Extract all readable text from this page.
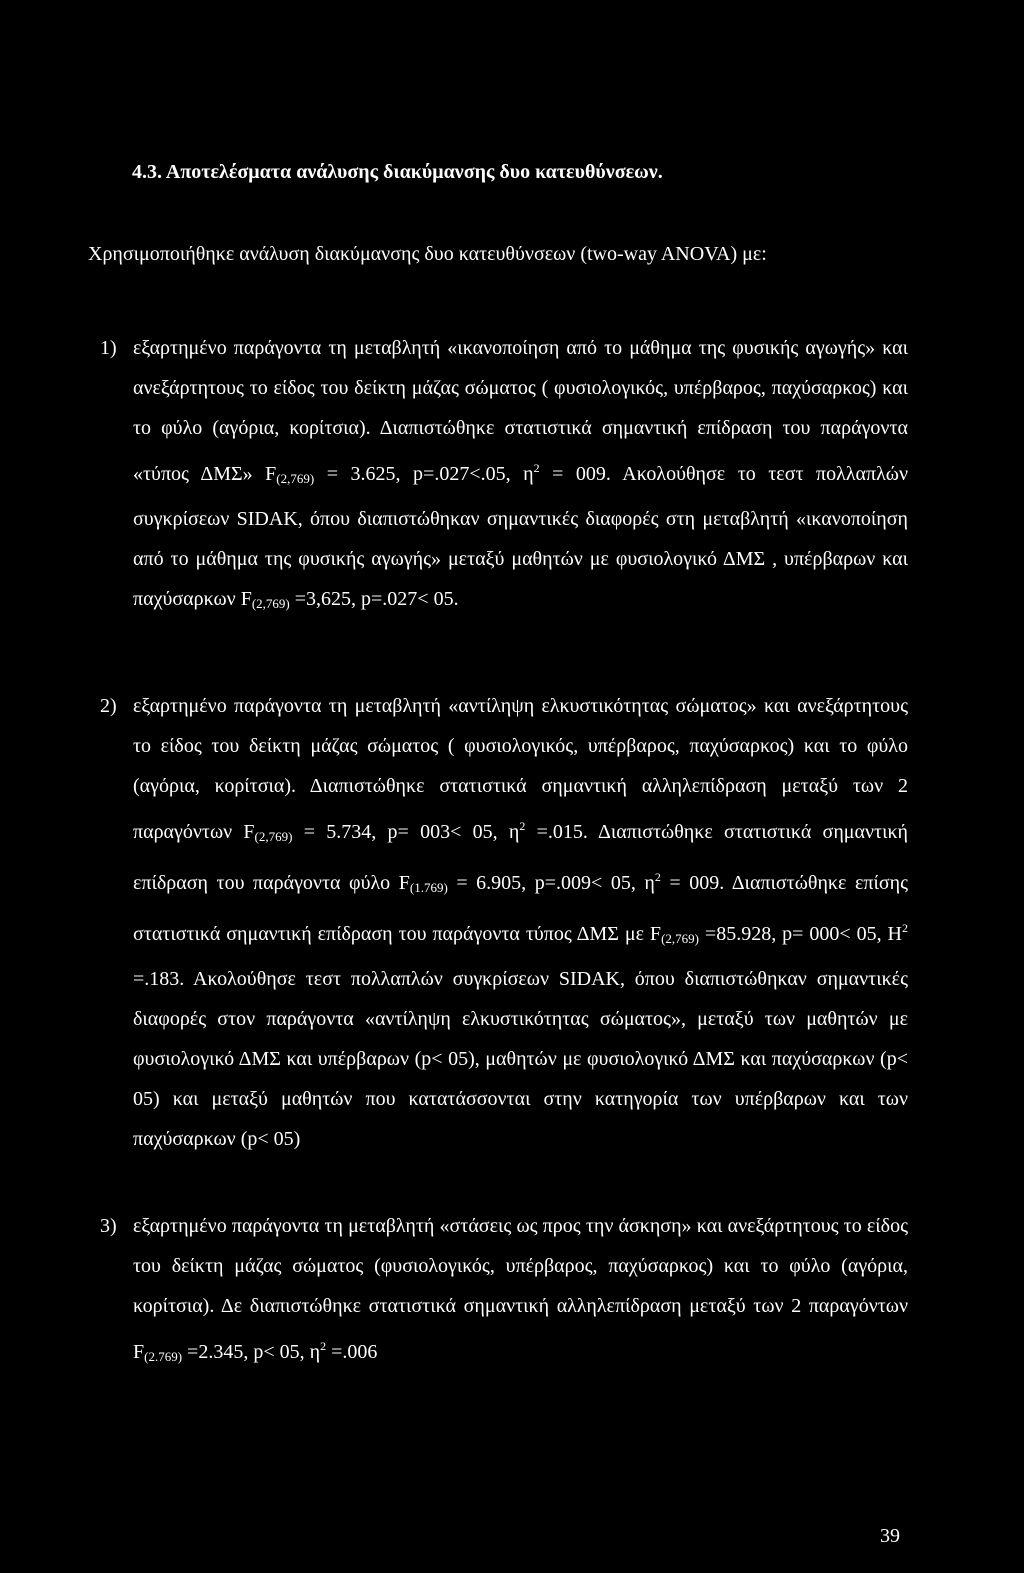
4.3. Αποτελέσματα ανάλυσης διακύμανσης δυο κατευθύνσεων.

Χρησιμοποιήθηκε ανάλυση διακύμανσης δυο κατευθύνσεων (two-way ANOVA) με:

1) εξαρτημένο παράγοντα τη μεταβλητή «ικανοποίηση από το μάθημα της φυσικής αγωγής» και ανεξάρτητους το είδος του δείκτη μάζας σώματος ( φυσιολογικός, υπέρβαρος, παχύσαρκος) και το φύλο (αγόρια, κορίτσια). Διαπιστώθηκε στατιστικά σημαντική επίδραση του παράγοντα «τύπος ΔΜΣ» $F_{(2,769)} = 3.625$, p=.027<.05, $\eta^2 = 009$. Ακολούθησε το τεστ πολλαπλών συγκρίσεων SIDAK, όπου διαπιστώθηκαν σημαντικές διαφορές στη μεταβλητή «ικανοποίηση από το μάθημα της φυσικής αγωγής» μεταξύ μαθητών με φυσιολογικό ΔΜΣ , υπέρβαρων και παχύσαρκων $F_{(2,769)} =3,625$, p=.027< 05.

2) εξαρτημένο παράγοντα τη μεταβλητή «αντίληψη ελκυστικότητας σώματος» και ανεξάρτητους το είδος του δείκτη μάζας σώματος ( φυσιολογικός, υπέρβαρος, παχύσαρκος) και το φύλο (αγόρια, κορίτσια). Διαπιστώθηκε στατιστικά σημαντική αλληλεπίδραση μεταξύ των 2 παραγόντων $F_{(2,769)} = 5.734$, p= 003< 05, $\eta^2 =.015$. Διαπιστώθηκε στατιστικά σημαντική επίδραση του παράγοντα φύλο $F_{(1.769)} = 6.905$, p=.009< 05, $\eta^2 = 009$. Διαπιστώθηκε επίσης στατιστικά σημαντική επίδραση του παράγοντα τύπος ΔΜΣ με $F_{(2,769)} =85.928$, p= 000< 05, $H^2 =.183$. Ακολούθησε τεστ πολλαπλών συγκρίσεων SIDAK, όπου διαπιστώθηκαν σημαντικές διαφορές στον παράγοντα «αντίληψη ελκυστικότητας σώματος», μεταξύ των μαθητών με φυσιολογικό ΔΜΣ και υπέρβαρων (p< 05), μαθητών με φυσιολογικό ΔΜΣ και παχύσαρκων (p< 05) και μεταξύ μαθητών που κατατάσσονται στην κατηγορία των υπέρβαρων και των παχύσαρκων (p< 05)

3) εξαρτημένο παράγοντα τη μεταβλητή «στάσεις ως προς την άσκηση» και ανεξάρτητους το είδος του δείκτη μάζας σώματος (φυσιολογικός, υπέρβαρος, παχύσαρκος) και το φύλο (αγόρια, κορίτσια). Δε διαπιστώθηκε στατιστικά σημαντική αλληλεπίδραση μεταξύ των 2 παραγόντων $F_{(2.769)} =2.345$, p< 05, $\eta^2 =.006$

39
